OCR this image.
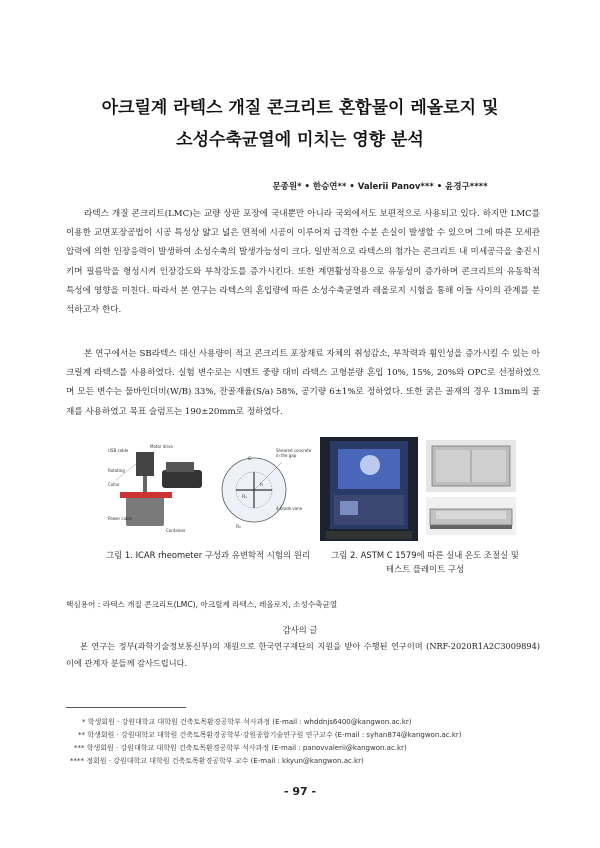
아크릴계 라텍스 개질 콘크리트 혼합물이 레올로지 및
소성수축균열에 미치는 영향 분석
문종원* • 한승연** • Valerii Panov*** • 윤경구****

라텍스 개질 콘크리트(LMC)는 교량 상판 포장에 국내뿐만 아니라 국외에서도 보편적으로 사용되고 있다. 하지만 LMC를 이용한 교면포장공법이 시공 특성상 얇고 넓은 면적에 시공이 이루어져 급격한 수분 손실이 발생할 수 있으며 그에 따른 모세관 압력에 의한 인장응력이 발생하여 소성수축의 발생가능성이 크다. 일반적으로 라텍스의 첨가는 콘크리트 내 미세공극을 충진시키며 필름막을 형성시켜 인장강도와 부착강도를 증가시킨다. 또한 계면활성작용으로 유동성이 증가하며 콘크리트의 유동학적 특성에 영향을 미친다. 따라서 본 연구는 라텍스의 혼입량에 따른 소성수축균열과 레올로지 시험을 통해 이들 사이의 관계를 분석하고자 한다.

본 연구에서는 SB라텍스 대신 사용량이 적고 콘크리트 포장재료 자체의 취성감소, 부착력과 휨인성을 증가시킬 수 있는 아크릴계 라텍스를 사용하였다. 실험 변수로는 시멘트 중량 대비 라텍스 고형분량 혼입 10%, 15%, 20%와 OPC로 선정하였으며 모든 변수는 물바인더비(W/B) 33%, 잔골재율(S/a) 58%, 공기량 6±1%로 정하였다. 또한 굵은 골재의 경우 13mm의 골재를 사용하였고 목표 슬럼프는 190±20mm로 정하였다.

USB cable
Motor drive
Rotating
Collar
Power cable
Container
G
R₁
R₀
h
Sheared concrete in the gap
4-blade vane
그림 1. ICAR rheometer 구성과 유변학적 시험의 원리	그림 2. ASTM C 1579에 따른 실내 온도 조절실 및
테스트 플레이트 구성
핵심용어 : 라텍스 개질 콘크리트(LMC), 아크릴계 라텍스, 레올로지, 소성수축균열
감사의 글

본 연구는 정부(과학기술정보통신부)의 재원으로 한국연구재단의 지원을 받아 수행된 연구이며 (NRF-2020R1A2C3009894) 이에 관계자 분들께 감사드립니다.

* 학생회원 · 강원대학교 대학원 건축토목환경공학부 석사과정 (E-mail : whddnjs6400@kangwon.ac.kr)
** 학생회원 · 강원대학교 대학원 건축토목환경공학부·강원종합기술연구원 연구교수 (E-mail : syhan874@kangwon.ac.kr)
*** 학생회원 · 강원대학교 대학원 건축토목환경공학부 석사과정 (E-mail : panovvalerii@kangwon.ac.kr)
**** 정회원 · 강원대학교 대학원 건축토목환경공학부 교수 (E-mail : kkyun@kangwon.ac.kr)
- 97 -
